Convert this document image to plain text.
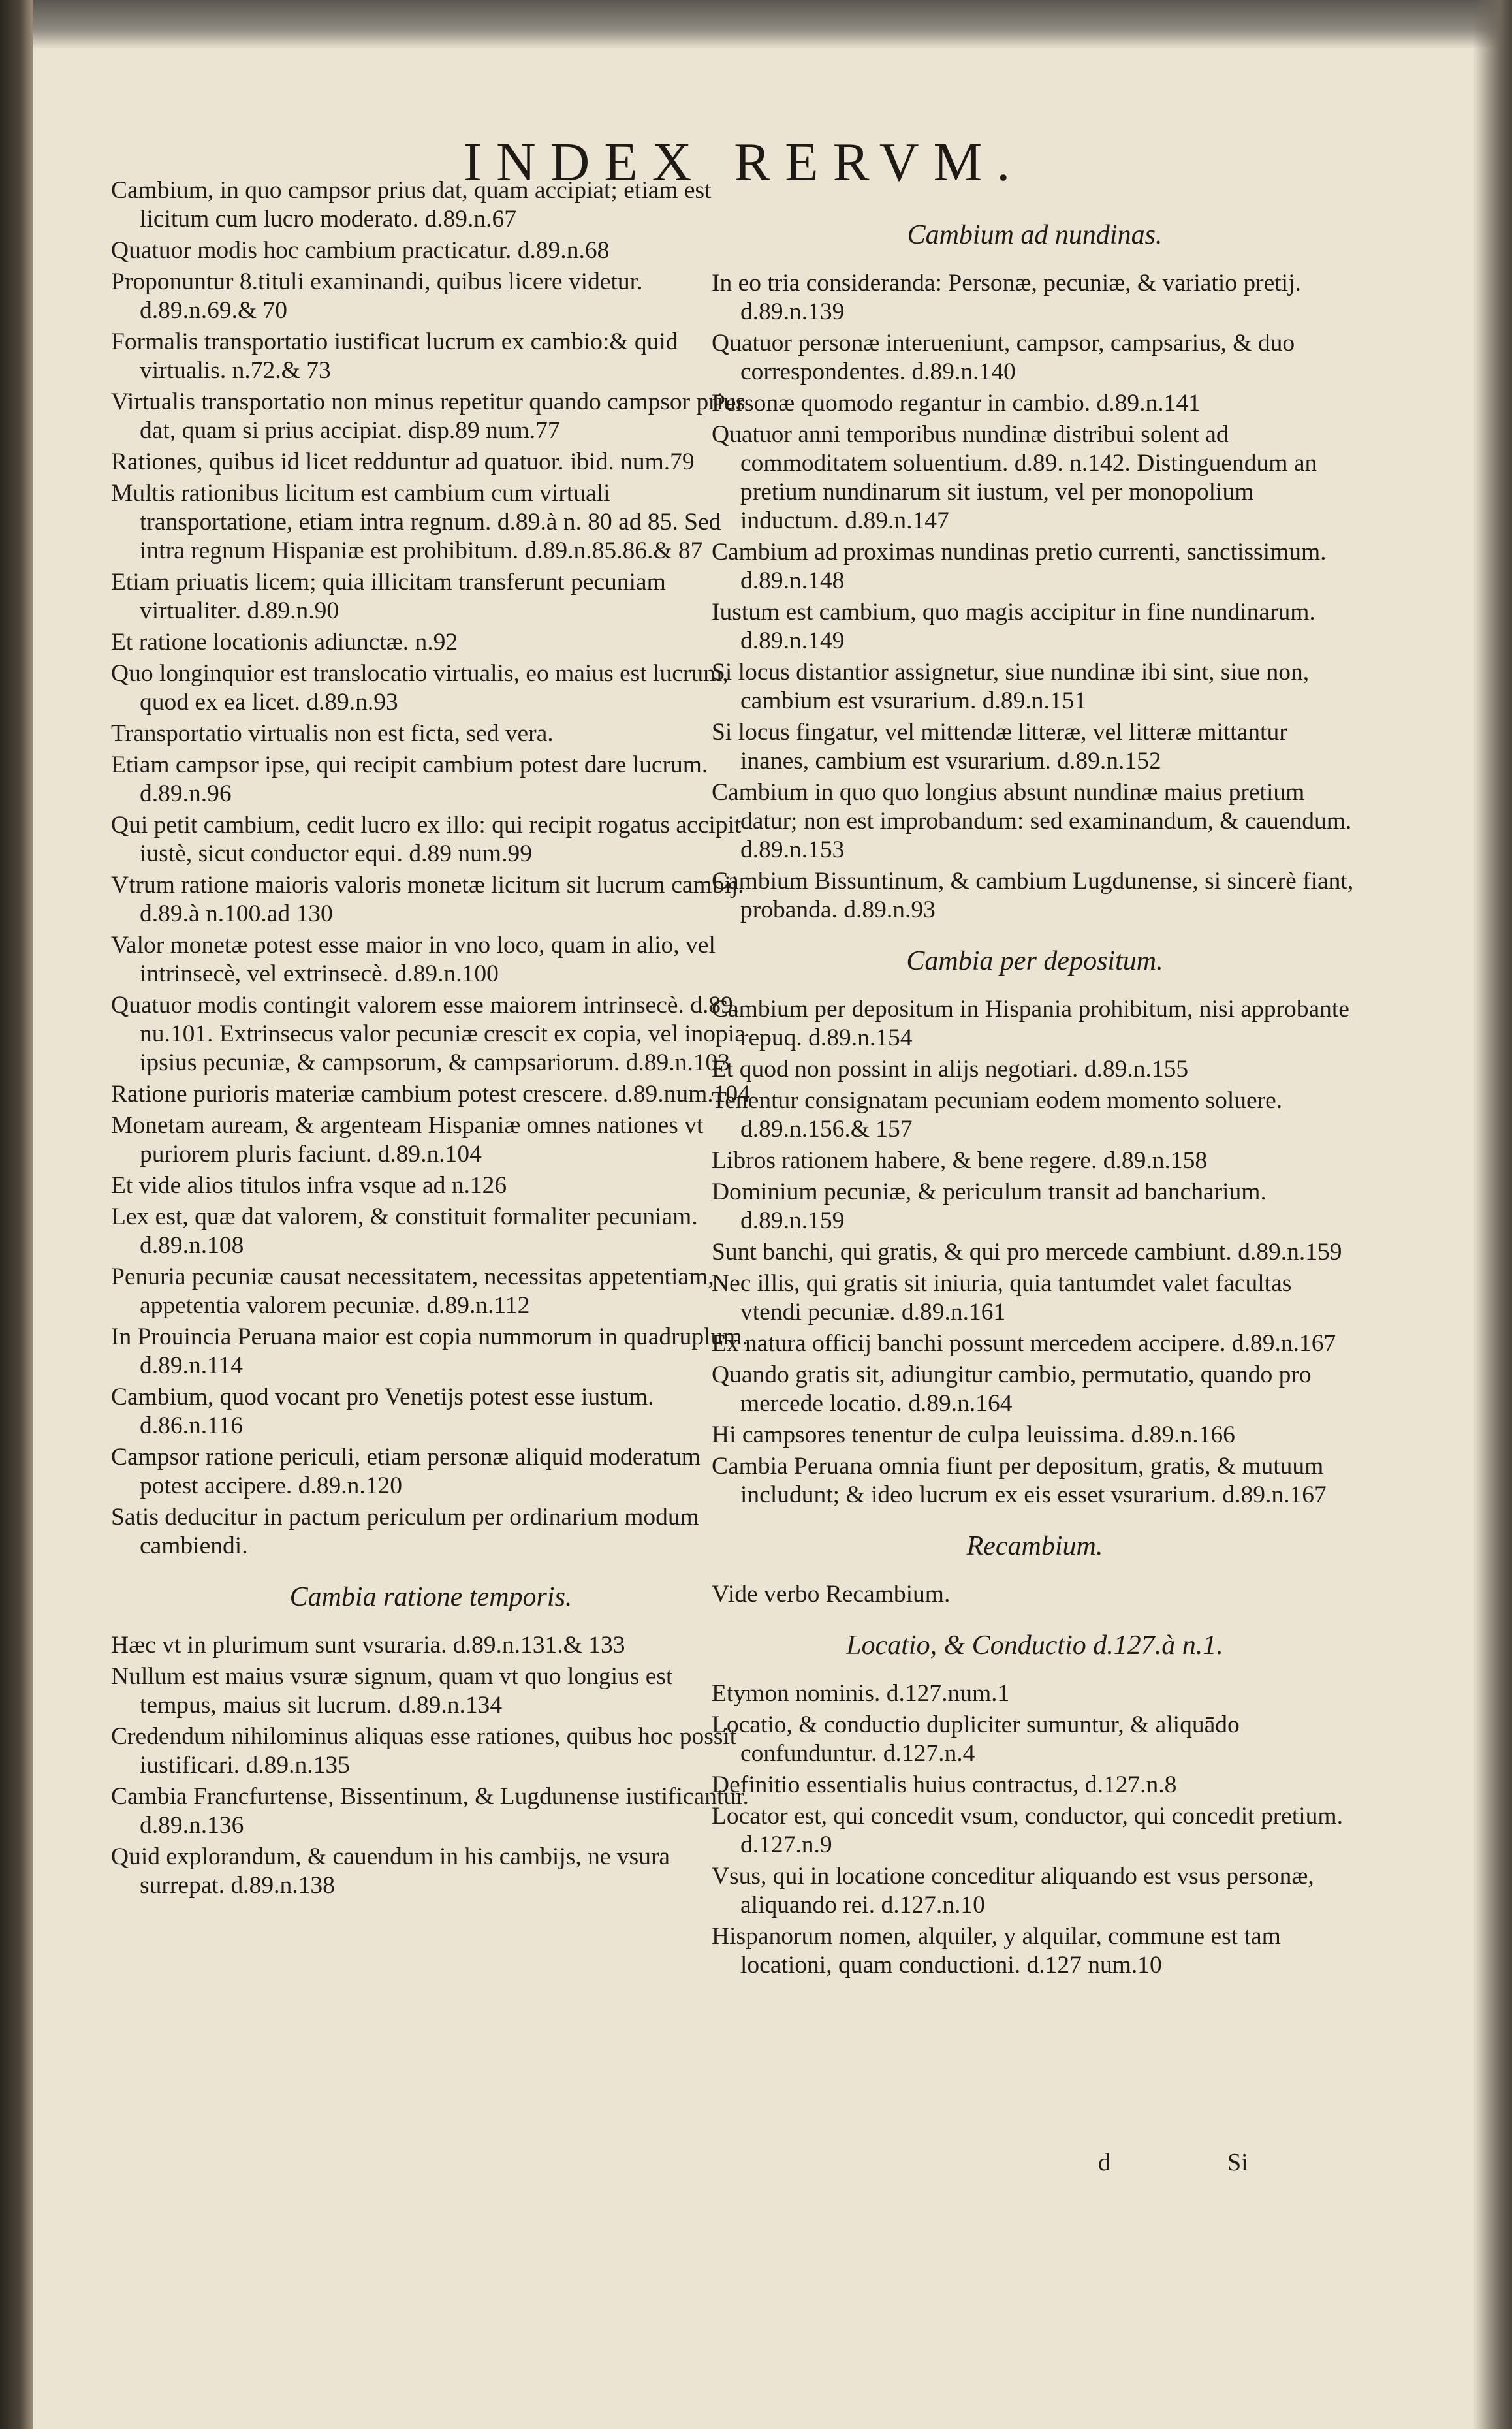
INDEX RERVM.
Cambium, in quo campsor prius dat, quam accipiat; etiam est licitum cum lucro moderato. d.89.n.67
Quatuor modis hoc cambium practicatur. d.89.n.68
Proponuntur 8.tituli examinandi, quibus licere videtur. d.89.n.69.& 70
Formalis transportatio iustificat lucrum ex cambio:& quid virtualis. n.72.& 73
Virtualis transportatio non minus repetitur quando campsor prius dat, quam si prius accipiat. disp.89 num.77
Rationes, quibus id licet redduntur ad quatuor. ibid. num.79
Multis rationibus licitum est cambium cum virtuali transportatione, etiam intra regnum. d.89.à n. 80 ad 85. Sed intra regnum Hispaniæ est prohibitum. d.89.n.85.86.& 87
Etiam priuatis licem; quia illicitam transferunt pecuniam virtualiter. d.89.n.90
Et ratione locationis adiunctæ. n.92
Quo longinquior est translocatio virtualis, eo maius est lucrum, quod ex ea licet. d.89.n.93
Transportatio virtualis non est ficta, sed vera.
Etiam campsor ipse, qui recipit cambium potest dare lucrum. d.89.n.96
Qui petit cambium, cedit lucro ex illo: qui recipit rogatus accipit iustè, sicut conductor equi. d.89 num.99
Vtrum ratione maioris valoris monetæ licitum sit lucrum cambij. d.89.à n.100.ad 130
Valor monetæ potest esse maior in vno loco, quam in alio, vel intrinsecè, vel extrinsecè. d.89.n.100
Quatuor modis contingit valorem esse maiorem intrinsecè. d.89. nu.101. Extrinsecus valor pecuniæ crescit ex copia, vel inopia ipsius pecuniæ, & campsorum, & campsariorum. d.89.n.103
Ratione purioris materiæ cambium potest crescere. d.89.num.104
Monetam auream, & argenteam Hispaniæ omnes nationes vt puriorem pluris faciunt. d.89.n.104
Et vide alios titulos infra vsque ad n.126
Lex est, quæ dat valorem, & constituit formaliter pecuniam. d.89.n.108
Penuria pecuniæ causat necessitatem, necessitas appetentiam, appetentia valorem pecuniæ. d.89.n.112
In Prouincia Peruana maior est copia nummorum in quadruplum. d.89.n.114
Cambium, quod vocant pro Venetijs potest esse iustum. d.86.n.116
Campsor ratione periculi, etiam personæ aliquid moderatum potest accipere. d.89.n.120
Satis deducitur in pactum periculum per ordinarium modum cambiendi.
Cambia ratione temporis.
Hæc vt in plurimum sunt vsuraria. d.89.n.131.& 133
Nullum est maius vsuræ signum, quam vt quo longius est tempus, maius sit lucrum. d.89.n.134
Credendum nihilominus aliquas esse rationes, quibus hoc possit iustificari. d.89.n.135
Cambia Francfurtense, Bissentinum, & Lugdunense iustificantur. d.89.n.136
Quid explorandum, & cauendum in his cambijs, ne vsura surrepat. d.89.n.138
Cambium ad nundinas.
In eo tria consideranda: Personæ, pecuniæ, & variatio pretij. d.89.n.139
Quatuor personæ interueniunt, campsor, campsarius, & duo correspondentes. d.89.n.140
Personæ quomodo regantur in cambio. d.89.n.141
Quatuor anni temporibus nundinæ distribui solent ad commoditatem soluentium. d.89. n.142. Distinguendum an pretium nundinarum sit iustum, vel per monopolium inductum. d.89.n.147
Cambium ad proximas nundinas pretio currenti, sanctissimum. d.89.n.148
Iustum est cambium, quo magis accipitur in fine nundinarum. d.89.n.149
Si locus distantior assignetur, siue nundinæ ibi sint, siue non, cambium est vsurarium. d.89.n.151
Si locus fingatur, vel mittendæ litteræ, vel litteræ mittantur inanes, cambium est vsurarium. d.89.n.152
Cambium in quo quo longius absunt nundinæ maius pretium datur; non est improbandum: sed examinandum, & cauendum. d.89.n.153
Cambium Bissuntinum, & cambium Lugdunense, si sincerè fiant, probanda. d.89.n.93
Cambia per depositum.
Cambium per depositum in Hispania prohibitum, nisi approbante repuq. d.89.n.154
Et quod non possint in alijs negotiari. d.89.n.155
Tenentur consignatam pecuniam eodem momento soluere. d.89.n.156.& 157
Libros rationem habere, & bene regere. d.89.n.158
Dominium pecuniæ, & periculum transit ad bancharium. d.89.n.159
Sunt banchi, qui gratis, & qui pro mercede cambiunt. d.89.n.159
Nec illis, qui gratis sit iniuria, quia tantumdet valet facultas vtendi pecuniæ. d.89.n.161
Ex natura officij banchi possunt mercedem accipere. d.89.n.167
Quando gratis sit, adiungitur cambio, permutatio, quando pro mercede locatio. d.89.n.164
Hi campsores tenentur de culpa leuissima. d.89.n.166
Cambia Peruana omnia fiunt per depositum, gratis, & mutuum includunt; & ideo lucrum ex eis esset vsurarium. d.89.n.167
Recambium.
Vide verbo Recambium.
Locatio, & Conductio d.127.à n.1.
Etymon nominis. d.127.num.1
Locatio, & conductio dupliciter sumuntur, & aliquādo confunduntur. d.127.n.4
Definitio essentialis huius contractus, d.127.n.8
Locator est, qui concedit vsum, conductor, qui concedit pretium. d.127.n.9
Vsus, qui in locatione conceditur aliquando est vsus personæ, aliquando rei. d.127.n.10
Hispanorum nomen, alquiler, y alquilar, commune est tam locationi, quam conductioni. d.127 num.10
d	Si
